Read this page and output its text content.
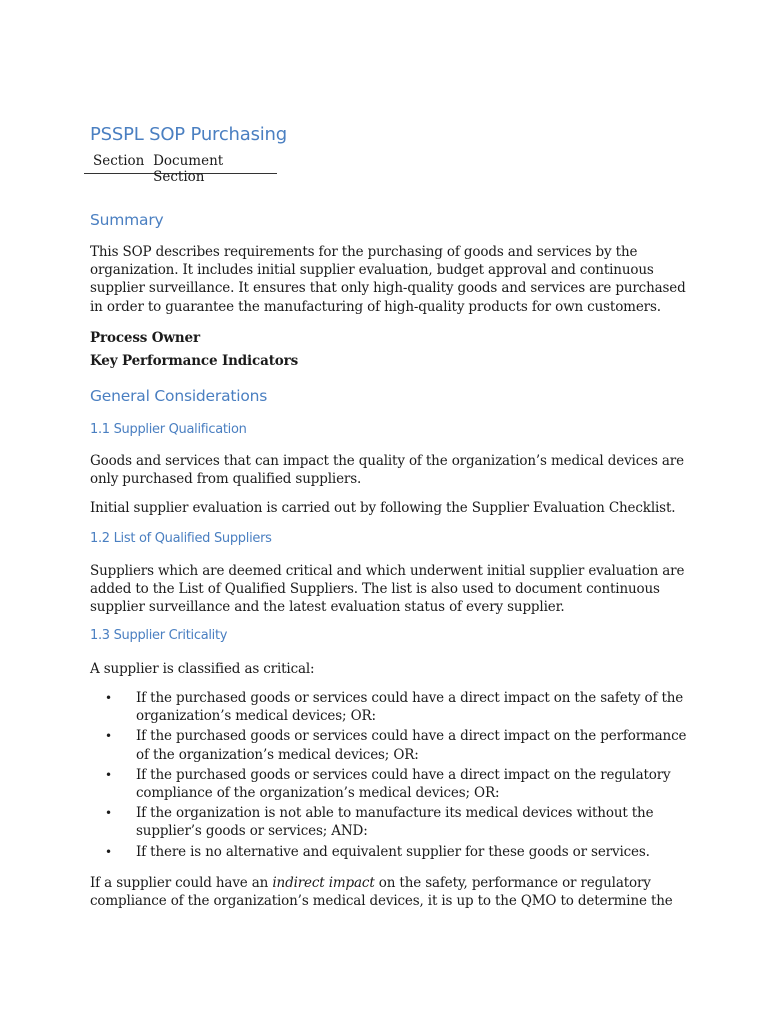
PSSPL SOP Purchasing
Section Document Section
Summary

This SOP describes requirements for the purchasing of goods and services by the organization. It includes initial supplier evaluation, budget approval and continuous supplier surveillance. It ensures that only high-quality goods and services are purchased in order to guarantee the manufacturing of high-quality products for own customers.

Process Owner

Key Performance Indicators

General Considerations
1.1 Supplier Qualification

Goods and services that can impact the quality of the organization’s medical devices are only purchased from qualified suppliers.

Initial supplier evaluation is carried out by following the Supplier Evaluation Checklist.

1.2 List of Qualified Suppliers

Suppliers which are deemed critical and which underwent initial supplier evaluation are added to the List of Qualified Suppliers. The list is also used to document continuous supplier surveillance and the latest evaluation status of every supplier.

1.3 Supplier Criticality

A supplier is classified as critical:

• If the purchased goods or services could have a direct impact on the safety of the organization’s medical devices; OR:
• If the purchased goods or services could have a direct impact on the performance of the organization’s medical devices; OR:
• If the purchased goods or services could have a direct impact on the regulatory compliance of the organization’s medical devices; OR:
• If the organization is not able to manufacture its medical devices without the supplier’s goods or services; AND:
• If there is no alternative and equivalent supplier for these goods or services.

If a supplier could have an indirect impact on the safety, performance or regulatory compliance of the organization’s medical devices, it is up to the QMO to determine the
